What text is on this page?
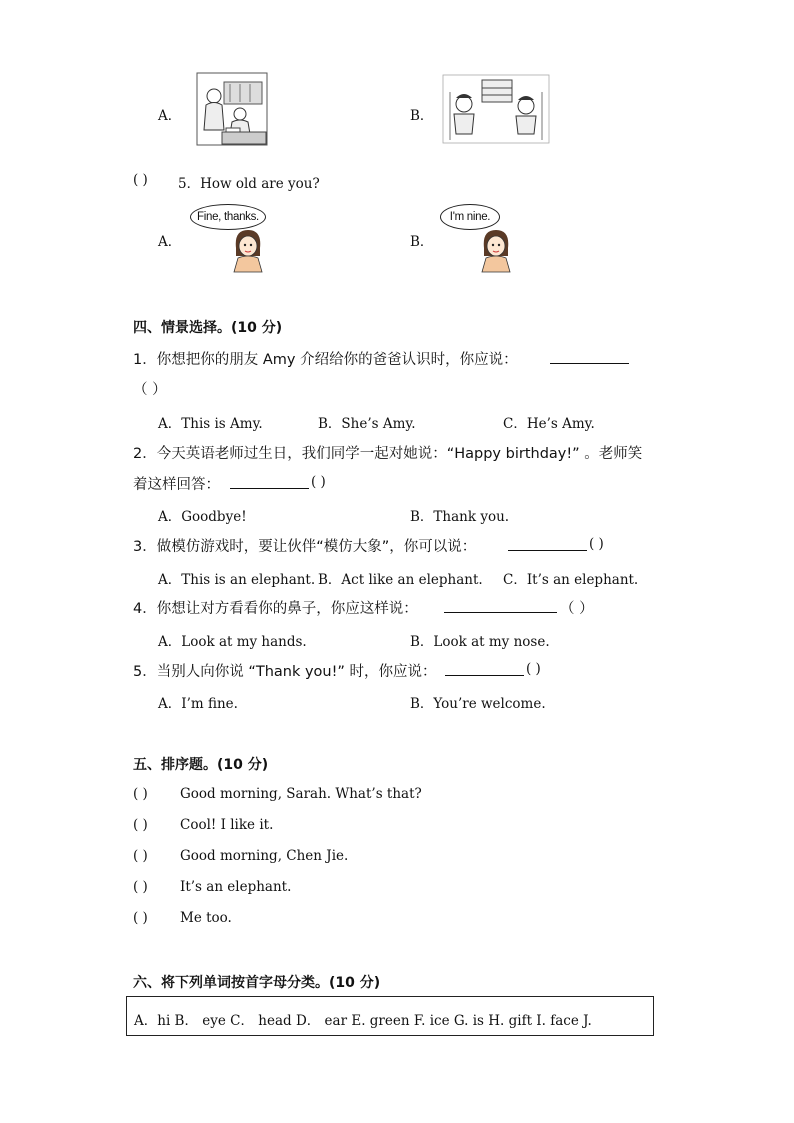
A．	B．
( ) 5．How old are you?
A．
Fine, thanks.
B．
I'm nine.
四、情景选择。(10 分)
1．你想把你的朋友 Amy 介绍给你的爸爸认识时，你应说：
（ ）
A．This is Amy.	B．She’s Amy.	C．He’s Amy.
2．今天英语老师过生日，我们同学一起对她说：“Happy birthday!” 。老师笑
着这样回答：	( )
A．Goodbye!	B．Thank you.
3．做模仿游戏时，要让伙伴“模仿大象”，你可以说：	( )
A．This is an elephant. B．Act like an elephant. C．It’s an elephant.
4．你想让对方看看你的鼻子，你应这样说：	（ ）
A．Look at my hands.	B．Look at my nose.
5．当别人向你说 “Thank you!” 时，你应说：	( )
A．I’m fine.	B．You’re welcome.
五、排序题。(10 分)
( ) Good morning, Sarah. What’s that?
( ) Cool! I like it.
( ) Good morning, Chen Jie.
( ) It’s an elephant.
( ) Me too.
六、将下列单词按首字母分类。(10 分)
A．hi B． eye C． head D． ear E. green F. ice G. is H. gift I. face J.
